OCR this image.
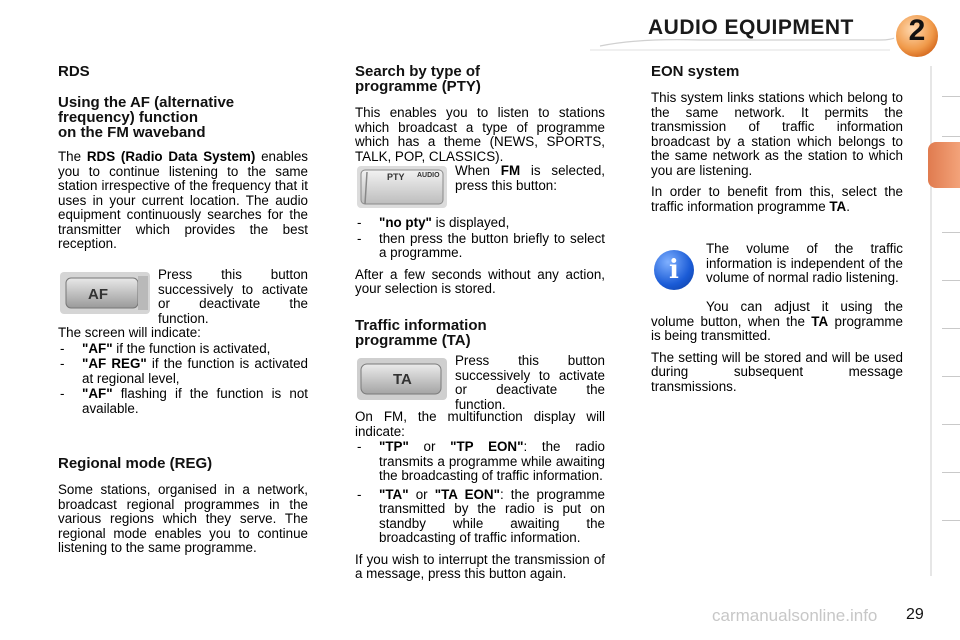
AUDIO EQUIPMENT	2
RDS
Using the AF (alternative
frequency) function
on the FM waveband

The RDS (Radio Data System) enables you to continue listening to the same station irrespective of the frequency that it uses in your current location. The audio equipment continuously searches for the transmitter which provides the best reception.

AF
Press this button successively to activate or deactivate the function.

The screen will indicate:

- "AF" if the function is activated,
- "AF REG" if the function is activated at regional level,
- "AF" flashing if the function is not available.
Regional mode (REG)

Some stations, organised in a network, broadcast regional programmes in the various regions which they serve. The regional mode enables you to continue listening to the same programme.

Search by type of
programme (PTY)

This enables you to listen to stations which broadcast a type of programme which has a theme (NEWS, SPORTS, TALK, POP, CLASSICS).

PTY AUDIO When FM is selected, press this button:
- "no pty" is displayed,
- then press the button briefly to select a programme.

After a few seconds without any action, your selection is stored.

Traffic information
programme (TA)
TA
Press this button successively to activate or deactivate the function.

On FM, the multifunction display will indicate:

- "TP" or "TP EON": the radio transmits a programme while awaiting the broadcasting of traffic information.
- "TA" or "TA EON": the programme transmitted by the radio is put on standby while awaiting the broadcasting of traffic information.

If you wish to interrupt the transmission of a message, press this button again.

EON system

This system links stations which belong to the same network. It permits the transmission of traffic information broadcast by a station which belongs to the same network as the station to which you are listening.

In order to benefit from this, select the traffic information programme TA.

i
The volume of the traffic information is independent of the volume of normal radio listening.

You can adjust it using the volume button, when the TA programme is being transmitted.

The setting will be stored and will be used during subsequent message transmissions.

carmanualsonline.info 29
